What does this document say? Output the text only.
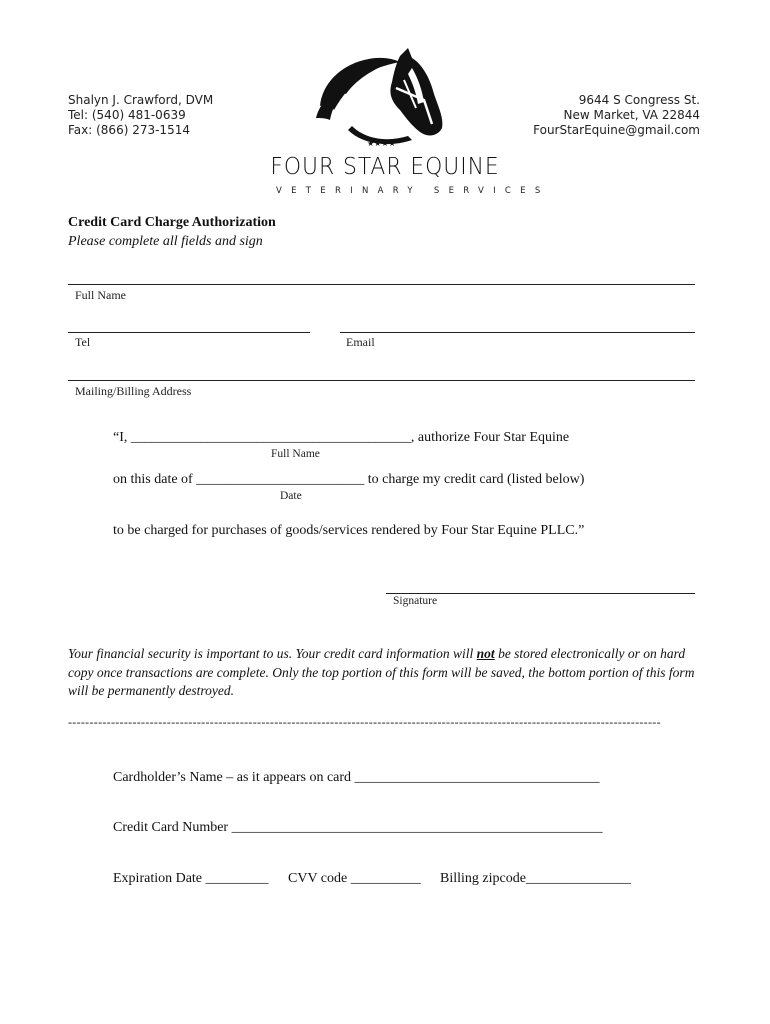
Shalyn J. Crawford, DVM
Tel: (540) 481-0639
Fax: (866) 273-1514
9644 S Congress St.
New Market, VA 22844
FourStarEquine@gmail.com
★★★★
FOUR STAR EQUINE
VETERINARY SERVICES
Credit Card Charge Authorization
Please complete all fields and sign
Full Name
Tel	Email
Mailing/Billing Address
“I, ________________________________________, authorize Four Star Equine
Full Name
on this date of ________________________ to charge my credit card (listed below)
Date
to be charged for purchases of goods/services rendered by Four Star Equine PLLC.”
Signature
Your financial security is important to us. Your credit card information will not be stored electronically or on hard copy once transactions are complete. Only the top portion of this form will be saved, the bottom portion of this form will be permanently destroyed.
------------------------------------------------------------------------------------------------------------------------------------------
Cardholder’s Name – as it appears on card ___________________________________
Credit Card Number _____________________________________________________
Expiration Date _________ CVV code __________ Billing zipcode_______________
